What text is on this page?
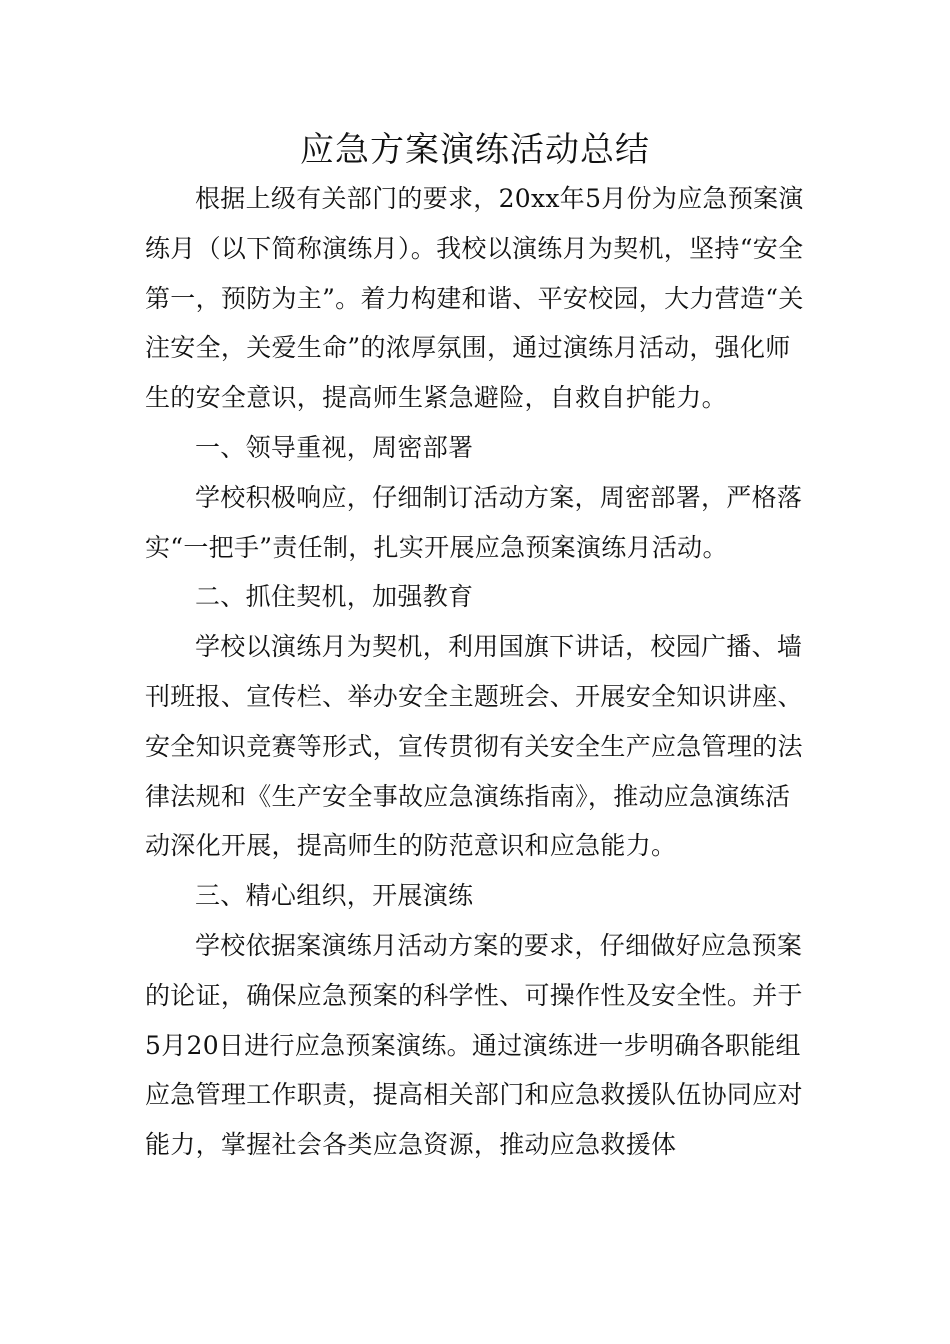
应急方案演练活动总结

根据上级有关部门的要求，20xx年5月份为应急预案演练月（以下简称演练月）。我校以演练月为契机，坚持“安全第一，预防为主”。着力构建和谐、平安校园，大力营造“关注安全，关爱生命”的浓厚氛围，通过演练月活动，强化师生的安全意识，提高师生紧急避险，自救自护能力。

一、领导重视，周密部署

学校积极响应，仔细制订活动方案，周密部署，严格落实“一把手”责任制，扎实开展应急预案演练月活动。

二、抓住契机，加强教育

学校以演练月为契机，利用国旗下讲话，校园广播、墙刊班报、宣传栏、举办安全主题班会、开展安全知识讲座、安全知识竞赛等形式，宣传贯彻有关安全生产应急管理的法律法规和《生产安全事故应急演练指南》，推动应急演练活动深化开展，提高师生的防范意识和应急能力。

三、精心组织，开展演练

学校依据案演练月活动方案的要求，仔细做好应急预案的论证，确保应急预案的科学性、可操作性及安全性。并于5月20日进行应急预案演练。通过演练进一步明确各职能组应急管理工作职责，提高相关部门和应急救援队伍协同应对能力，掌握社会各类应急资源，推动应急救援体
